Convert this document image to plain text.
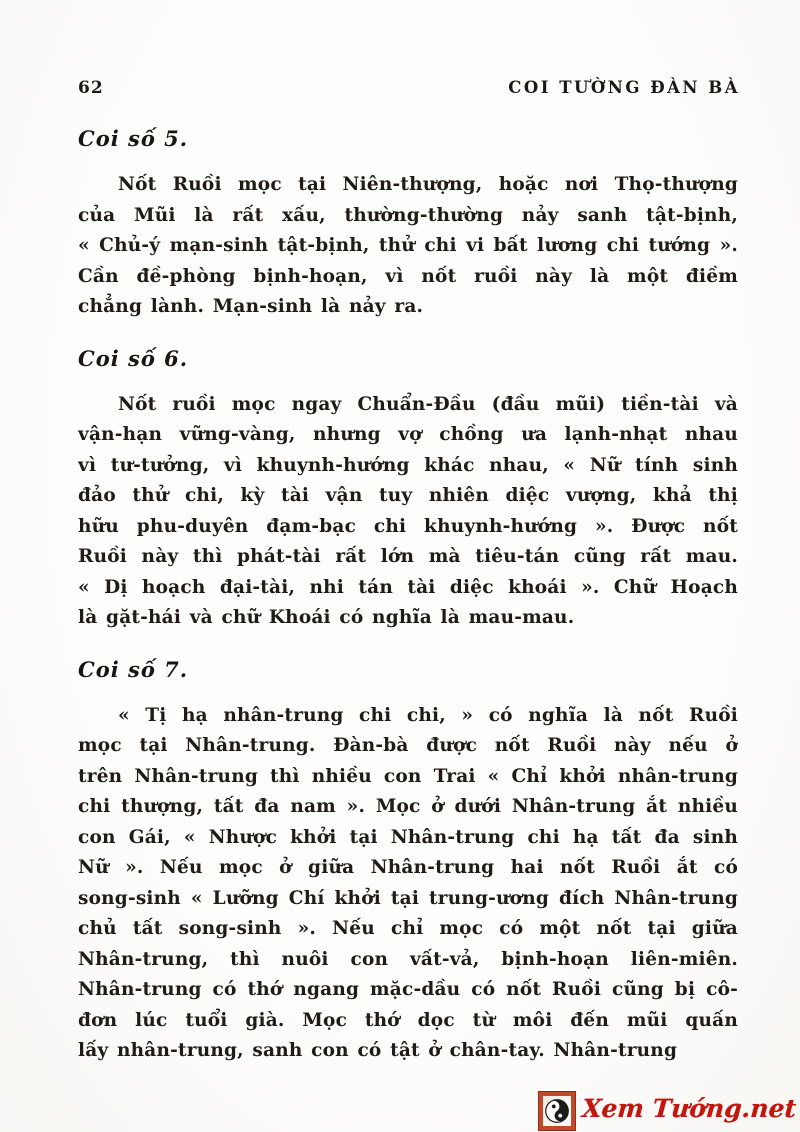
62	COI TƯỜNG ĐÀN BÀ
Coi số 5.
Nốt Ruồi mọc tại Niên-thượng, hoặc nơi Thọ-thượng
của Mũi là rất xấu, thường-thường nảy sanh tật-bịnh,
« Chủ-ý mạn-sinh tật-bịnh, thử chi vi bất lương chi tướng ».
Cần đề-phòng bịnh-hoạn, vì nốt ruồi này là một điềm
chẳng lành. Mạn-sinh là nảy ra.
Coi số 6.
Nốt ruồi mọc ngay Chuẩn-Đầu (đầu mũi) tiền-tài và
vận-hạn vững-vàng, nhưng vợ chồng ưa lạnh-nhạt nhau
vì tư-tưởng, vì khuynh-hướng khác nhau, « Nữ tính sinh
đảo thử chi, kỳ tài vận tuy nhiên diệc vượng, khả thị
hữu phu-duyên đạm-bạc chi khuynh-hướng ». Được nốt
Ruồi này thì phát-tài rất lớn mà tiêu-tán cũng rất mau.
« Dị hoạch đại-tài, nhi tán tài diệc khoái ». Chữ Hoạch
là gặt-hái và chữ Khoái có nghĩa là mau-mau.
Coi số 7.
« Tị hạ nhân-trung chi chi, » có nghĩa là nốt Ruồi
mọc tại Nhân-trung. Đàn-bà được nốt Ruồi này nếu ở
trên Nhân-trung thì nhiều con Trai « Chỉ khởi nhân-trung
chi thượng, tất đa nam ». Mọc ở dưới Nhân-trung ắt nhiều
con Gái, « Nhược khởi tại Nhân-trung chi hạ tất đa sinh
Nữ ». Nếu mọc ở giữa Nhân-trung hai nốt Ruồi ắt có
song-sinh « Lưỡng Chí khởi tại trung-ương đích Nhân-trung
chủ tất song-sinh ». Nếu chỉ mọc có một nốt tại giữa
Nhân-trung, thì nuôi con vất-vả, bịnh-hoạn liên-miên.
Nhân-trung có thớ ngang mặc-dầu có nốt Ruồi cũng bị cô-
đơn lúc tuổi già. Mọc thớ dọc từ môi đến mũi quấn
lấy nhân-trung, sanh con có tật ở chân-tay. Nhân-trung
Xem Tướng.net
